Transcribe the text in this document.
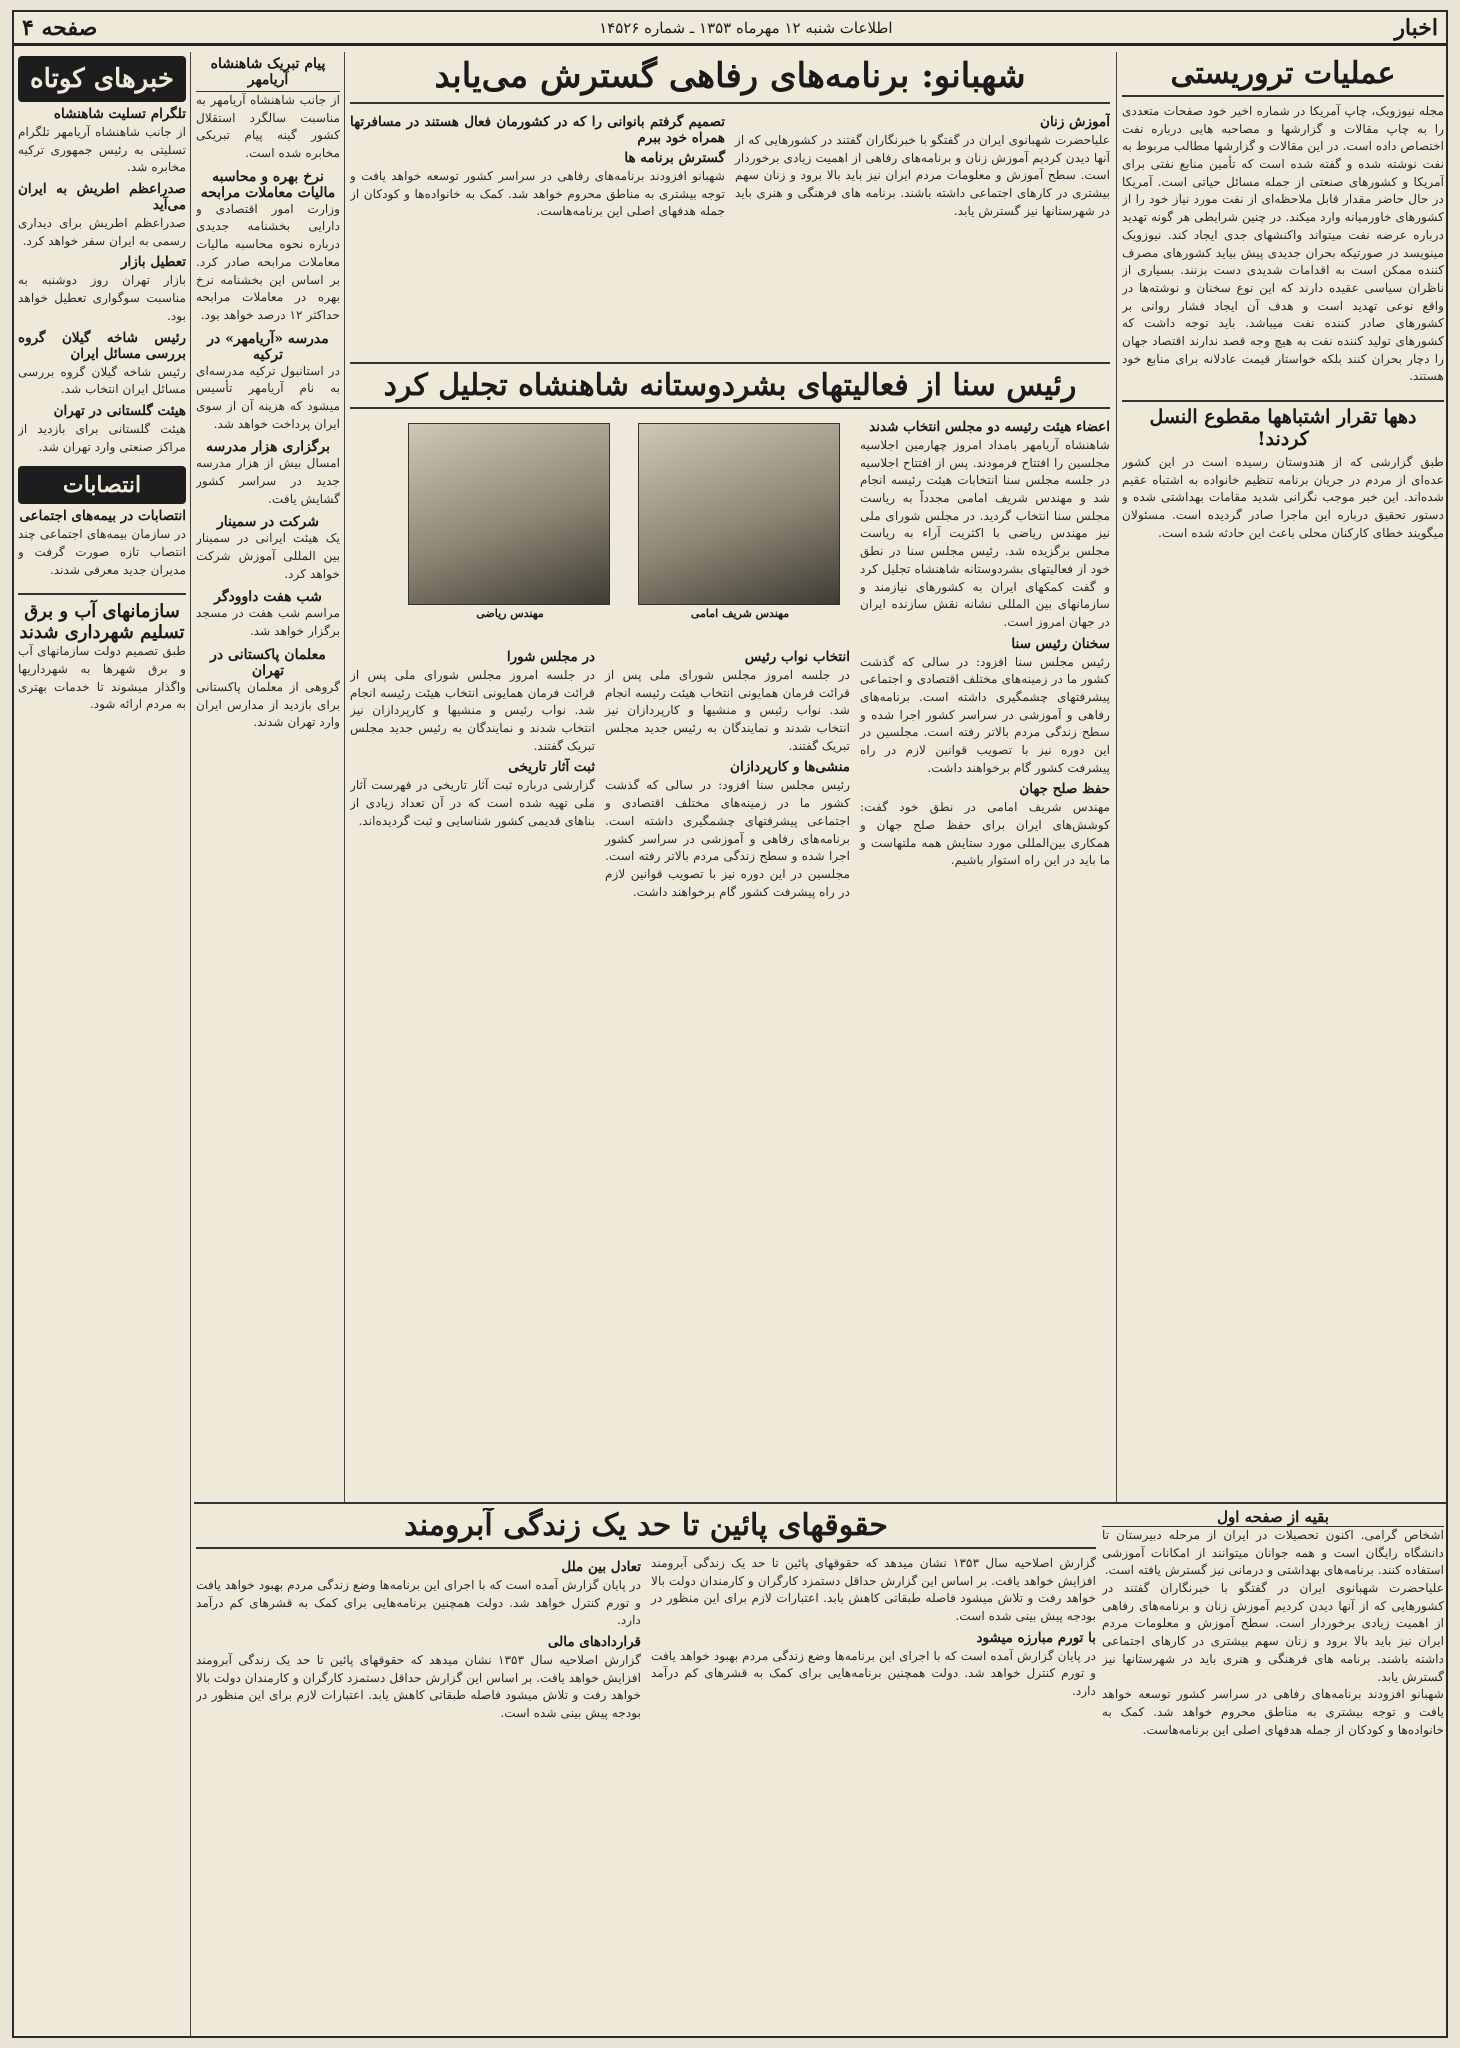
صفحه ۴	اطلاعات شنبه ۱۲ مهرماه ۱۳۵۳ ـ شماره ۱۴۵۲۶	اخبار
عملیات تروریستی
مجله نیوزویک، چاپ آمریکا در شماره اخیر خود صفحات متعددی را به چاپ مقالات و گزارشها و مصاحبه هایی درباره نفت اختصاص داده است. در این مقالات و گزارشها مطالب مربوط به نفت نوشته شده و گفته شده است که تأمین منابع نفتی برای آمریکا و کشورهای صنعتی از جمله مسائل حیاتی است. آمریکا در حال حاضر مقدار قابل ملاحظه‌ای از نفت مورد نیاز خود را از کشورهای خاورمیانه وارد میکند. در چنین شرایطی هر گونه تهدید درباره عرضه نفت میتواند واکنشهای جدی ایجاد کند. نیوزویک مینویسد در صورتیکه بحران جدیدی پیش بیاید کشورهای مصرف کننده ممکن است به اقدامات شدیدی دست بزنند. بسیاری از ناظران سیاسی عقیده دارند که این نوع سخنان و نوشته‌ها در واقع نوعی تهدید است و هدف آن ایجاد فشار روانی بر کشورهای صادر کننده نفت میباشد. باید توجه داشت که کشورهای تولید کننده نفت به هیچ وجه قصد ندارند اقتصاد جهان را دچار بحران کنند بلکه خواستار قیمت عادلانه برای منابع خود هستند.
دهها تقرار اشتباهها مقطوع النسل کردند!
طبق گزارشی که از هندوستان رسیده است در این کشور عده‌ای از مردم در جریان برنامه تنظیم خانواده به اشتباه عقیم شده‌اند. این خبر موجب نگرانی شدید مقامات بهداشتی شده و دستور تحقیق درباره این ماجرا صادر گردیده است. مسئولان میگویند خطای کارکنان محلی باعث این حادثه شده است.
شهبانو: برنامه‌های رفاهی گسترش می‌یابد
آموزش زنان
علیاحضرت شهبانوی ایران در گفتگو با خبرنگاران گفتند در کشورهایی که از آنها دیدن کردیم آموزش زنان و برنامه‌های رفاهی از اهمیت زیادی برخوردار است. سطح آموزش و معلومات مردم ایران نیز باید بالا برود و زنان سهم بیشتری در کارهای اجتماعی داشته باشند. برنامه های فرهنگی و هنری باید در شهرستانها نیز گسترش یابد.
تصمیم گرفتم بانوانی را که در کشورمان فعال هستند در مسافرتها همراه خود ببرم
گسترش برنامه ها
شهبانو افزودند برنامه‌های رفاهی در سراسر کشور توسعه خواهد یافت و توجه بیشتری به مناطق محروم خواهد شد. کمک به خانواده‌ها و کودکان از جمله هدفهای اصلی این برنامه‌هاست.
رئیس سنا از فعالیتهای بشردوستانه شاهنشاه تجلیل کرد
اعضاء هیئت رئیسه دو مجلس انتخاب شدند
شاهنشاه آریامهر بامداد امروز چهارمین اجلاسیه مجلسین را افتتاح فرمودند. پس از افتتاح اجلاسیه در جلسه مجلس سنا انتخابات هیئت رئیسه انجام شد و مهندس شریف امامی مجدداً به ریاست مجلس سنا انتخاب گردید. در مجلس شورای ملی نیز مهندس ریاضی با اکثریت آراء به ریاست مجلس برگزیده شد. رئیس مجلس سنا در نطق خود از فعالیتهای بشردوستانه شاهنشاه تجلیل کرد و گفت کمکهای ایران به کشورهای نیازمند و سازمانهای بین المللی نشانه نقش سازنده ایران در جهان امروز است.
سخنان رئیس سنا
رئیس مجلس سنا افزود: در سالی که گذشت کشور ما در زمینه‌های مختلف اقتصادی و اجتماعی پیشرفتهای چشمگیری داشته است. برنامه‌های رفاهی و آموزشی در سراسر کشور اجرا شده و سطح زندگی مردم بالاتر رفته است. مجلسین در این دوره نیز با تصویب قوانین لازم در راه پیشرفت کشور گام برخواهند داشت.
حفظ صلح جهان
مهندس شریف امامی در نطق خود گفت: کوشش‌های ایران برای حفظ صلح جهان و همکاری بین‌المللی مورد ستایش همه ملتهاست و ما باید در این راه استوار باشیم.
مهندس شریف امامی
مهندس ریاضی
انتخاب نواب رئیس
در جلسه امروز مجلس شورای ملی پس از قرائت فرمان همایونی انتخاب هیئت رئیسه انجام شد. نواب رئیس و منشیها و کارپردازان نیز انتخاب شدند و نمایندگان به رئیس جدید مجلس تبریک گفتند.
منشی‌ها و کارپردازان
رئیس مجلس سنا افزود: در سالی که گذشت کشور ما در زمینه‌های مختلف اقتصادی و اجتماعی پیشرفتهای چشمگیری داشته است. برنامه‌های رفاهی و آموزشی در سراسر کشور اجرا شده و سطح زندگی مردم بالاتر رفته است. مجلسین در این دوره نیز با تصویب قوانین لازم در راه پیشرفت کشور گام برخواهند داشت.
در مجلس شورا
در جلسه امروز مجلس شورای ملی پس از قرائت فرمان همایونی انتخاب هیئت رئیسه انجام شد. نواب رئیس و منشیها و کارپردازان نیز انتخاب شدند و نمایندگان به رئیس جدید مجلس تبریک گفتند.
ثبت آثار تاریخی
گزارشی درباره ثبت آثار تاریخی در فهرست آثار ملی تهیه شده است که در آن تعداد زیادی از بناهای قدیمی کشور شناسایی و ثبت گردیده‌اند.
پیام تبریک شاهنشاه آریامهر
از جانب شاهنشاه آریامهر به مناسبت سالگرد استقلال کشور گینه پیام تبریکی مخابره شده است.
نرخ بهره و محاسبه مالیات معاملات مرابحه
وزارت امور اقتصادی و دارایی بخشنامه جدیدی درباره نحوه محاسبه مالیات معاملات مرابحه صادر کرد. بر اساس این بخشنامه نرخ بهره در معاملات مرابحه حداکثر ۱۲ درصد خواهد بود.
مدرسه «آریامهر» در ترکیه
در استانبول ترکیه مدرسه‌ای به نام آریامهر تأسیس میشود که هزینه آن از سوی ایران پرداخت خواهد شد.
برگزاری هزار مدرسه
امسال بیش از هزار مدرسه جدید در سراسر کشور گشایش یافت.
شرکت در سمینار
یک هیئت ایرانی در سمینار بین المللی آموزش شرکت خواهد کرد.
شب هفت داوودگر
مراسم شب هفت در مسجد برگزار خواهد شد.
معلمان پاکستانی در تهران
گروهی از معلمان پاکستانی برای بازدید از مدارس ایران وارد تهران شدند.
خبرهای کوتاه
تلگرام تسلیت شاهنشاه
از جانب شاهنشاه آریامهر تلگرام تسلیتی به رئیس جمهوری ترکیه مخابره شد.
صدراعظم اطریش به ایران می‌آید
صدراعظم اطریش برای دیداری رسمی به ایران سفر خواهد کرد.
تعطیل بازار
بازار تهران روز دوشنبه به مناسبت سوگواری تعطیل خواهد بود.
رئیس شاخه گیلان گروه بررسی مسائل ایران
رئیس شاخه گیلان گروه بررسی مسائل ایران انتخاب شد.
هیئت گلستانی در تهران
هیئت گلستانی برای بازدید از مراکز صنعتی وارد تهران شد.
انتصابات
انتصابات در بیمه‌های اجتماعی
در سازمان بیمه‌های اجتماعی چند انتصاب تازه صورت گرفت و مدیران جدید معرفی شدند.
سازمانهای آب و برق تسلیم شهرداری شدند
طبق تصمیم دولت سازمانهای آب و برق شهرها به شهرداریها واگذار میشوند تا خدمات بهتری به مردم ارائه شود.
حقوقهای پائین تا حد یک زندگی آبرومند
گزارش اصلاحیه سال ۱۳۵۳ نشان میدهد که حقوقهای پائین تا حد یک زندگی آبرومند افزایش خواهد یافت. بر اساس این گزارش حداقل دستمزد کارگران و کارمندان دولت بالا خواهد رفت و تلاش میشود فاصله طبقاتی کاهش یابد. اعتبارات لازم برای این منظور در بودجه پیش بینی شده است.
با تورم مبارزه میشود
در پایان گزارش آمده است که با اجرای این برنامه‌ها وضع زندگی مردم بهبود خواهد یافت و تورم کنترل خواهد شد. دولت همچنین برنامه‌هایی برای کمک به قشرهای کم درآمد دارد.
تعادل بین ملل
در پایان گزارش آمده است که با اجرای این برنامه‌ها وضع زندگی مردم بهبود خواهد یافت و تورم کنترل خواهد شد. دولت همچنین برنامه‌هایی برای کمک به قشرهای کم درآمد دارد.
قراردادهای مالی
گزارش اصلاحیه سال ۱۳۵۳ نشان میدهد که حقوقهای پائین تا حد یک زندگی آبرومند افزایش خواهد یافت. بر اساس این گزارش حداقل دستمزد کارگران و کارمندان دولت بالا خواهد رفت و تلاش میشود فاصله طبقاتی کاهش یابد. اعتبارات لازم برای این منظور در بودجه پیش بینی شده است.
بقیه از صفحه اول
اشخاص گرامی. اکنون تحصیلات در ایران از مرحله دبیرستان تا دانشگاه رایگان است و همه جوانان میتوانند از امکانات آموزشی استفاده کنند. برنامه‌های بهداشتی و درمانی نیز گسترش یافته است.
علیاحضرت شهبانوی ایران در گفتگو با خبرنگاران گفتند در کشورهایی که از آنها دیدن کردیم آموزش زنان و برنامه‌های رفاهی از اهمیت زیادی برخوردار است. سطح آموزش و معلومات مردم ایران نیز باید بالا برود و زنان سهم بیشتری در کارهای اجتماعی داشته باشند. برنامه های فرهنگی و هنری باید در شهرستانها نیز گسترش یابد.
شهبانو افزودند برنامه‌های رفاهی در سراسر کشور توسعه خواهد یافت و توجه بیشتری به مناطق محروم خواهد شد. کمک به خانواده‌ها و کودکان از جمله هدفهای اصلی این برنامه‌هاست.
